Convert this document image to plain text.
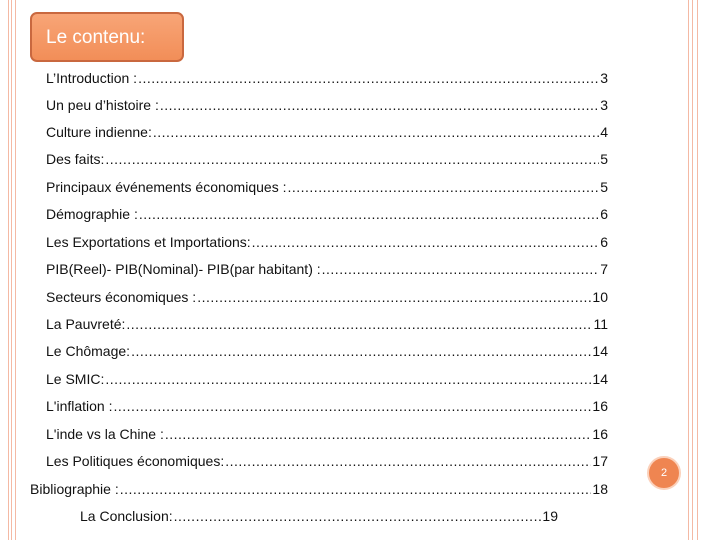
Le contenu:
L’Introduction : .....	3
Un peu d’histoire : .....	3
Culture indienne: .....	4
Des faits: .....	5
Principaux événements économiques : .....	5
Démographie : .....	6
Les Exportations et Importations: .....	6
PIB(Reel)- PIB(Nominal)- PIB(par habitant) : .....	7
Secteurs économiques : .....	10
La Pauvreté: .....	11
Le Chômage: .....	14
Le SMIC: .....	14
L'inflation : .....	16
L'inde vs la Chine : .....	16
Les Politiques économiques: .....	17
Bibliographie : .....	18
La Conclusion: .....	19
2
